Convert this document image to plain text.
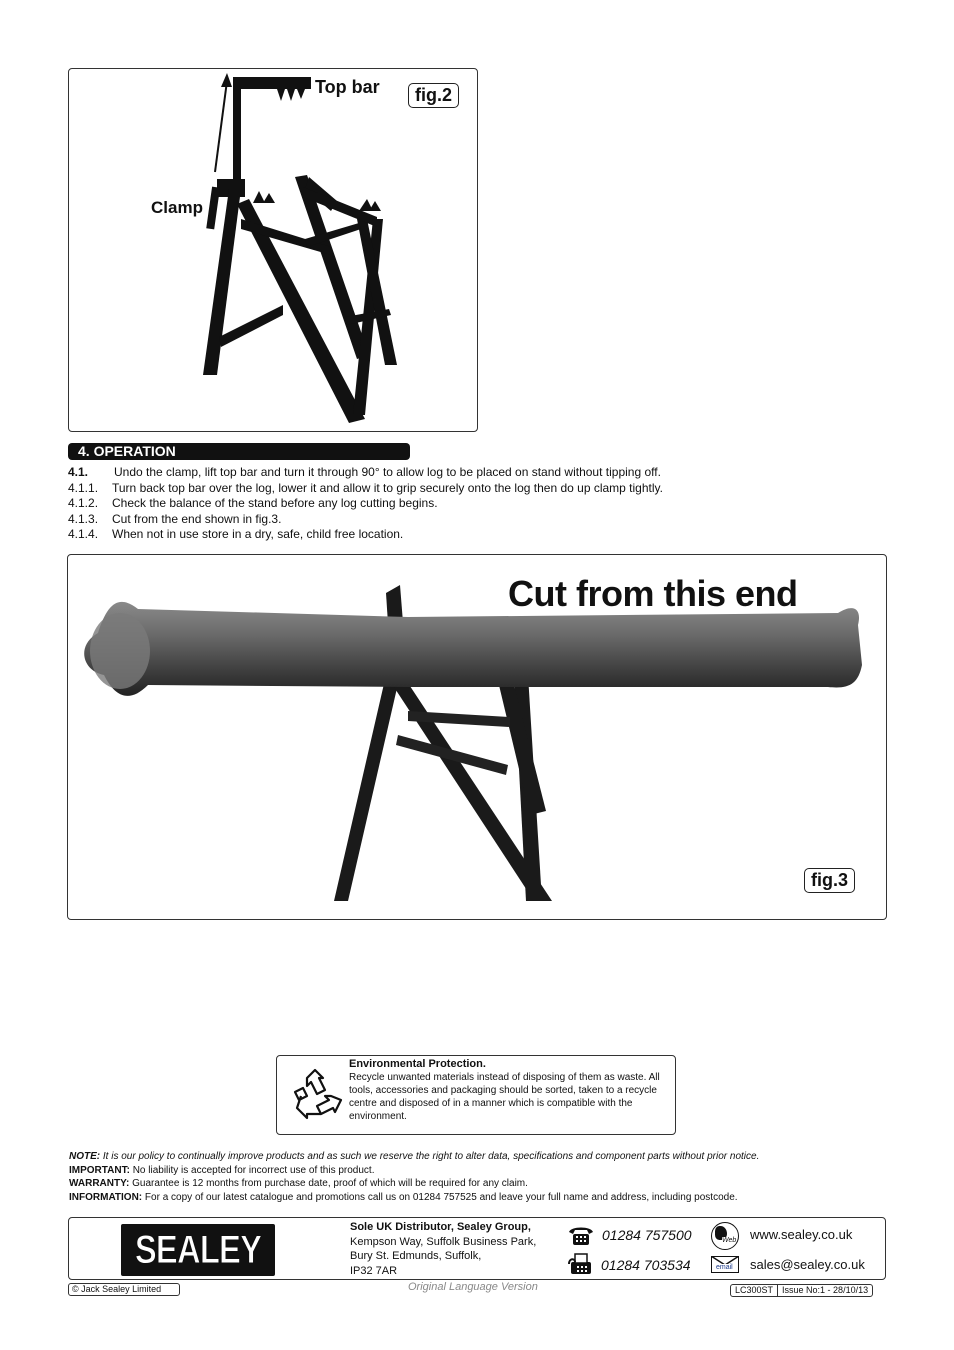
Top bar
Clamp
fig.2
4. OPERATION
4.1. Undo the clamp, lift top bar and turn it through 90° to allow log to be placed on stand without tipping off.
4.1.1. Turn back top bar over the log, lower it and allow it to grip securely onto the log then do up clamp tightly.
4.1.2. Check the balance of the stand before any log cutting begins.
4.1.3. Cut from the end shown in fig.3.
4.1.4. When not in use store in a dry, safe, child free location.
Cut from this end
fig.3
Environmental Protection.
Recycle unwanted materials instead of disposing of them as waste. All tools, accessories and packaging should be sorted, taken to a recycle centre and disposed of in a manner which is compatible with the environment.
NOTE: It is our policy to continually improve products and as such we reserve the right to alter data, specifications and component parts without prior notice.
IMPORTANT: No liability is accepted for incorrect use of this product.
WARRANTY: Guarantee is 12 months from purchase date, proof of which will be required for any claim.
INFORMATION: For a copy of our latest catalogue and promotions call us on 01284 757525 and leave your full name and address, including postcode.
SEALEY
Sole UK Distributor, Sealey Group,
Kempson Way, Suffolk Business Park,
Bury St. Edmunds, Suffolk,
IP32 7AR
01284 757500
01284 703534
Web www.sealey.co.uk
email sales@sealey.co.uk
© Jack Sealey Limited	Original Language Version	LC300ST Issue No:1 - 28/10/13
